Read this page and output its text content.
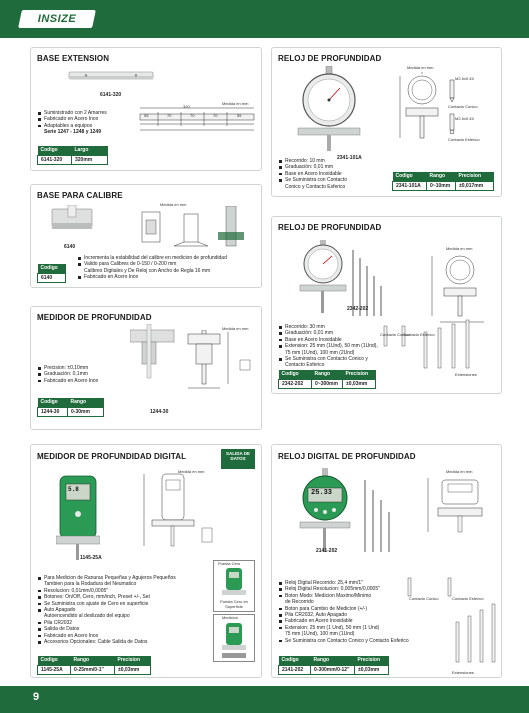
INSIZE
9
BASE EXTENSION
6141-320
Medida en mm
320
55	70	70	70	55
Suministrado con 2 Amarres
Fabricado en Acero Inox
Adaptables a equipos
Serie 1247 - 1248 y 1249
Codigo	Largo
6141-320	320mm
RELOJ DE PROFUNDIDAD
Medida en mm
2341-101A
M2.5x0.45
Contacto Conico
M2.5x0.45
Contacto Esferico
Recorrido: 10 mm
Graduación: 0,01 mm
Base en Acero Inoxidable
Se Suministra con Contacto
Conico y Contacto Esferico
Codigo	Rango	Precision
2341-101A	0~10mm	±0,017mm
BASE PARA CALIBRE
6140
Medida en mm
Incrementa la estabilidad del calibre en medicion de profundidad
Valido para Calibres de 0-150 / 0-200 mm
Calibres Digitales y De Reloj con Ancho de Regla 16 mm
Fabricado en Acero Inox
Codigo
6140
RELOJ DE PROFUNDIDAD
2342-202
Medida en mm
Contacto Conico
Contacto Esferico
Extensiones
Recorrido: 30 mm
Graduación: 0,01 mm
Base en Acero Inoxidable
Extension: 25 mm (1Und), 50 mm (1Und),
75 mm (1Und), 100 mm (2Und)
Se Suministra con Contacto Conico y Contacto Esferico
Codigo	Rango	Precision
2342-202	0~300mm	±0,03mm
MEDIDOR DE PROFUNDIDAD
Medida en mm
1244-30
Precision: ±0,10mm
Graduación: 0,1mm
Fabricado en Acero Inox
Codigo	Rango
1244-30	0-30mm
MEDIDOR DE PROFUNDIDAD DIGITAL	SALIDA DE DATOS
5.8
Medida en mm
1145-25A
Puesta Cero
Puesta Cero en Superficie
Medicion
Para Medicion de Ranuras Pequeñas y Agujeros Pequeños
Tambien para la Rodadura del Neumatico
Resolucion: 0,01mm/0,0005"
Botones: On/Off, Cero, mm/inch, Preset +/-, Set
Se Suministra con ajuste de Cero en superficie
Auto Apagado
Autoencendido al deslizado del equipo
Pila CR2032
Salida de Datos
Fabricado en Acero Inox
Accesorios Opcionales: Cable Salida de Datos
Codigo	Rango	Precision
1145-25A	0-25mm/0-1"	±0,03mm
RELOJ DIGITAL DE PROFUNDIDAD
25.33
2141-202
Medida en mm
Contacto Conico	Contacto Esferico
Extensiones
Reloj Digital Recorrido: 25,4 mm/1"
Reloj Digital Resolucion: 0,005mm/0,0005"
Boton Modo: Medicion Maximo/Minimo
de Recorrido
Boton para Cambio de Medicion (+/-)
Pila CR2032, Auto Apagado
Fabricado en Acero Inoxidable
Extension: 25 mm (1 Und), 50 mm (1 Und)
75 mm (1Und), 100 mm (1Und)
Se Suministra con Contacto Conico y Contacto Esferico
Codigo	Rango	Precision
2141-202	0-300mm/0-12"	±0,03mm
